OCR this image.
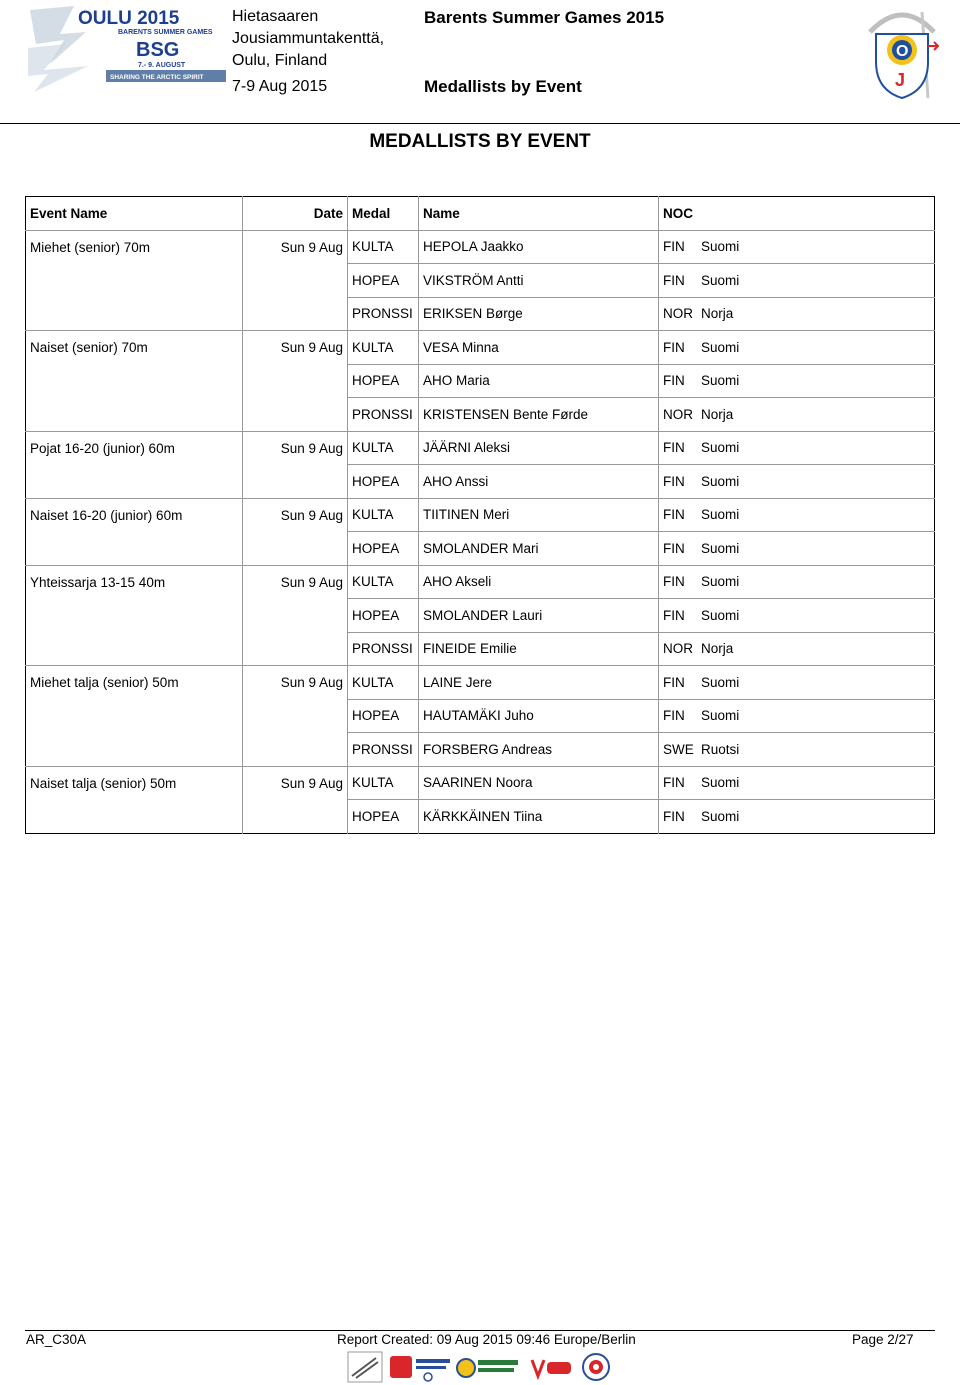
OULU 2015
BARENTS SUMMER GAMES
BSG
7.- 9. AUGUST
SHARING THE ARCTIC SPIRIT
Hietasaaren
Jousiammuntakenttä,
Oulu, Finland
7-9 Aug 2015
Barents Summer Games 2015
Medallists by Event
O
J
MEDALLISTS BY EVENT
Event Name	Date	Medal	Name	NOC	
Miehet (senior) 70m	Sun 9 Aug	KULTA	HEPOLA Jaakko	FIN	Suomi
		HOPEA	VIKSTRÖM Antti	FIN	Suomi
		PRONSSI	ERIKSEN Børge	NOR	Norja
Naiset (senior) 70m	Sun 9 Aug	KULTA	VESA Minna	FIN	Suomi
		HOPEA	AHO Maria	FIN	Suomi
		PRONSSI	KRISTENSEN Bente Førde	NOR	Norja
Pojat 16-20 (junior) 60m	Sun 9 Aug	KULTA	JÄÄRNI Aleksi	FIN	Suomi
		HOPEA	AHO Anssi	FIN	Suomi
Naiset 16-20 (junior) 60m	Sun 9 Aug	KULTA	TIITINEN Meri	FIN	Suomi
		HOPEA	SMOLANDER Mari	FIN	Suomi
Yhteissarja 13-15 40m	Sun 9 Aug	KULTA	AHO Akseli	FIN	Suomi
		HOPEA	SMOLANDER Lauri	FIN	Suomi
		PRONSSI	FINEIDE Emilie	NOR	Norja
Miehet talja (senior) 50m	Sun 9 Aug	KULTA	LAINE Jere	FIN	Suomi
		HOPEA	HAUTAMÄKI Juho	FIN	Suomi
		PRONSSI	FORSBERG Andreas	SWE	Ruotsi
Naiset talja (senior) 50m	Sun 9 Aug	KULTA	SAARINEN Noora	FIN	Suomi
		HOPEA	KÄRKKÄINEN Tiina	FIN	Suomi
AR_C30A	Report Created: 09 Aug 2015 09:46 Europe/Berlin	Page 2/27
